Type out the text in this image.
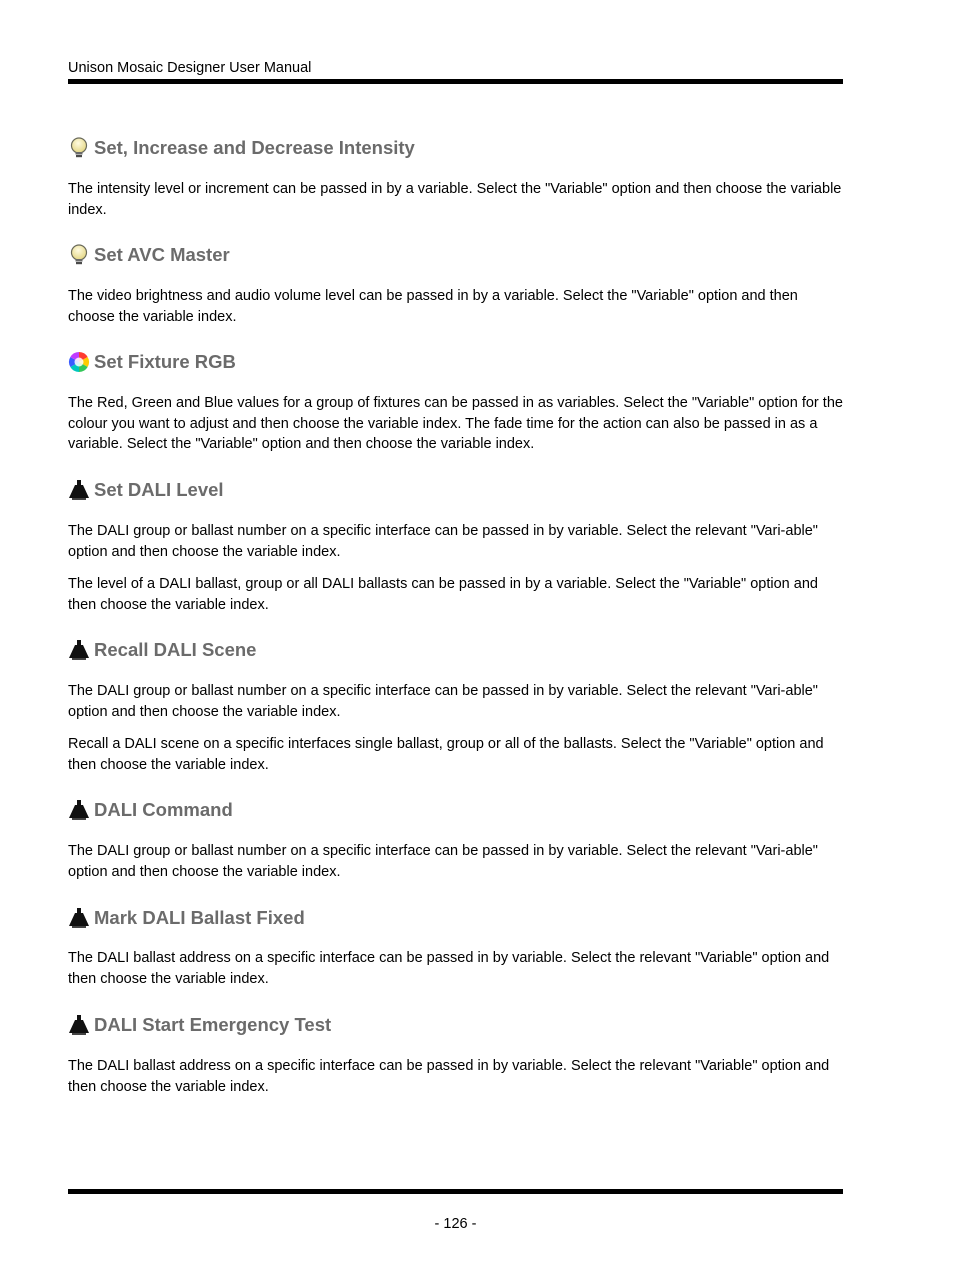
Unison Mosaic Designer User Manual
Set, Increase and Decrease Intensity
The intensity level or increment can be passed in by a variable. Select the "Variable" option and then choose the variable index.
Set AVC Master
The video brightness and audio volume level can be passed in by a variable. Select the "Variable" option and then choose the variable index.
Set Fixture RGB
The Red, Green and Blue values for a group of fixtures can be passed in as variables. Select the "Variable" option for the colour you want to adjust and then choose the variable index. The fade time for the action can also be passed in as a variable. Select the "Variable" option and then choose the variable index.
Set DALI Level
The DALI group or ballast number on a specific interface can be passed in by variable. Select the relevant "Vari-able" option and then choose the variable index.
The level of a DALI ballast, group or all DALI ballasts can be passed in by a variable. Select the "Variable" option and then choose the variable index.
Recall DALI Scene
The DALI group or ballast number on a specific interface can be passed in by variable. Select the relevant "Vari-able" option and then choose the variable index.
Recall a DALI scene on a specific interfaces single ballast, group or all of the ballasts. Select the "Variable" option and then choose the variable index.
DALI Command
The DALI group or ballast number on a specific interface can be passed in by variable. Select the relevant "Vari-able" option and then choose the variable index.
Mark DALI Ballast Fixed
The DALI ballast address on a specific interface can be passed in by variable. Select the relevant "Variable" option and then choose the variable index.
DALI Start Emergency Test
The DALI ballast address on a specific interface can be passed in by variable. Select the relevant "Variable" option and then choose the variable index.
- 126 -
